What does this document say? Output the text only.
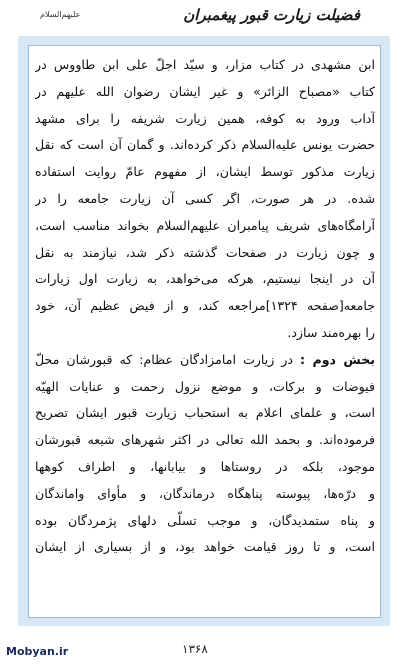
فضیلت زیارت قبور پیغمبران
علیهم‌السلام
ابن مشهدی در کتاب مزار، و سیّد اجلّ علی ابن طاووس در
کتاب «مصباح الزائر» و غیر ایشان رضوان الله علیهم در
آداب ورود به کوفه، همین زیارت شریفه را برای مشهد
حضرت یونس علیه‌السلام ذکر کرده‌اند. و گمان آن است که نقل
زیارت مذکور توسط ایشان، از مفهوم عامّ روایت استفاده
شده. در هر صورت، اگر کسی آن زیارت جامعه را در
آرامگاه‌های شریف پیامبران علیهم‌السلام بخواند مناسب است،
و چون زیارت در صفحات گذشته ذکر شد، نیازمند به نقل
آن در اینجا نیستیم، هرکه می‌خواهد، به زیارت اول زیارات
جامعه[صفحه ۱۳۲۴]مراجعه کند، و از فیض عظیم آن، خود
را بهره‌مند سازد.
بخش دوم : در زیارت امامزادگان عظام: که قبورشان محلّ
فیوضات و برکات، و موضع نزول رحمت و عنایات الهیّه
است، و علمای اعلام به استحباب زیارت قبور ایشان تصریح
فرموده‌اند. و بحمد الله تعالی در اکثر شهرهای شیعه قبورشان
موجود، بلکه در روستاها و بیابانها، و اطراف کوهها
و درّه‌ها، پیوسته پناهگاه درماندگان، و مأوای واماندگان
و پناه ستمدیدگان، و موجب تسلّی دلهای پژمردگان بوده
است، و تا روز قیامت خواهد بود، و از بسیاری از ایشان
Mobyan.ir	۱۳۶۸
